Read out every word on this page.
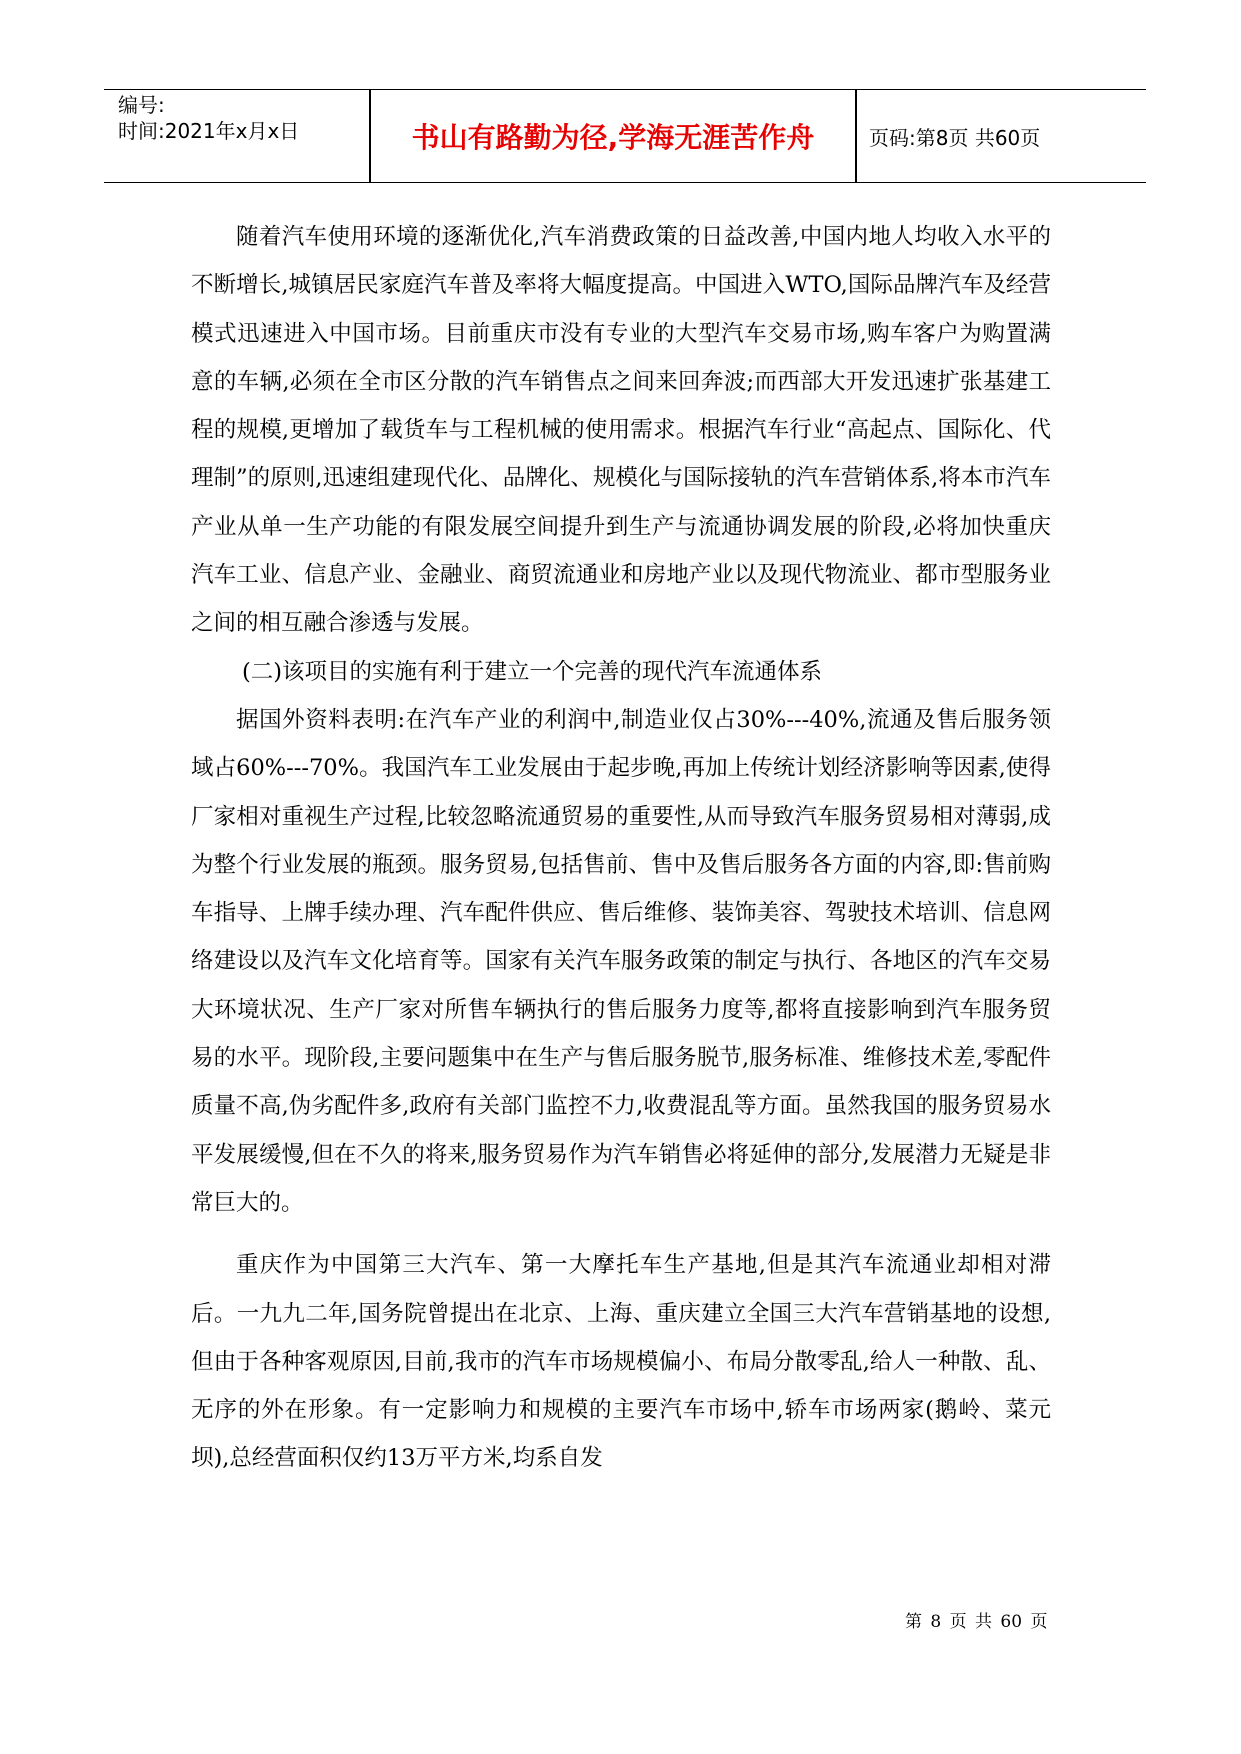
编号:
时间:2021年x月x日	书山有路勤为径,学海无涯苦作舟	页码:第8页 共60页

随着汽车使用环境的逐渐优化,汽车消费政策的日益改善,中国内地人均收入水平的不断增长,城镇居民家庭汽车普及率将大幅度提高。中国进入WTO,国际品牌汽车及经营模式迅速进入中国市场。目前重庆市没有专业的大型汽车交易市场,购车客户为购置满意的车辆,必须在全市区分散的汽车销售点之间来回奔波;而西部大开发迅速扩张基建工程的规模,更增加了载货车与工程机械的使用需求。根据汽车行业“高起点、国际化、代理制”的原则,迅速组建现代化、品牌化、规模化与国际接轨的汽车营销体系,将本市汽车产业从单一生产功能的有限发展空间提升到生产与流通协调发展的阶段,必将加快重庆汽车工业、信息产业、金融业、商贸流通业和房地产业以及现代物流业、都市型服务业之间的相互融合渗透与发展。

(二)该项目的实施有利于建立一个完善的现代汽车流通体系

据国外资料表明:在汽车产业的利润中,制造业仅占30%---40%,流通及售后服务领域占60%---70%。我国汽车工业发展由于起步晚,再加上传统计划经济影响等因素,使得厂家相对重视生产过程,比较忽略流通贸易的重要性,从而导致汽车服务贸易相对薄弱,成为整个行业发展的瓶颈。服务贸易,包括售前、售中及售后服务各方面的内容,即:售前购车指导、上牌手续办理、汽车配件供应、售后维修、装饰美容、驾驶技术培训、信息网络建设以及汽车文化培育等。国家有关汽车服务政策的制定与执行、各地区的汽车交易大环境状况、生产厂家对所售车辆执行的售后服务力度等,都将直接影响到汽车服务贸易的水平。现阶段,主要问题集中在生产与售后服务脱节,服务标准、维修技术差,零配件质量不高,伪劣配件多,政府有关部门监控不力,收费混乱等方面。虽然我国的服务贸易水平发展缓慢,但在不久的将来,服务贸易作为汽车销售必将延伸的部分,发展潜力无疑是非常巨大的。

重庆作为中国第三大汽车、第一大摩托车生产基地,但是其汽车流通业却相对滞后。一九九二年,国务院曾提出在北京、上海、重庆建立全国三大汽车营销基地的设想,但由于各种客观原因,目前,我市的汽车市场规模偏小、布局分散零乱,给人一种散、乱、无序的外在形象。有一定影响力和规模的主要汽车市场中,轿车市场两家(鹅岭、菜元坝),总经营面积仅约13万平方米,均系自发

第 8 页 共 60 页
